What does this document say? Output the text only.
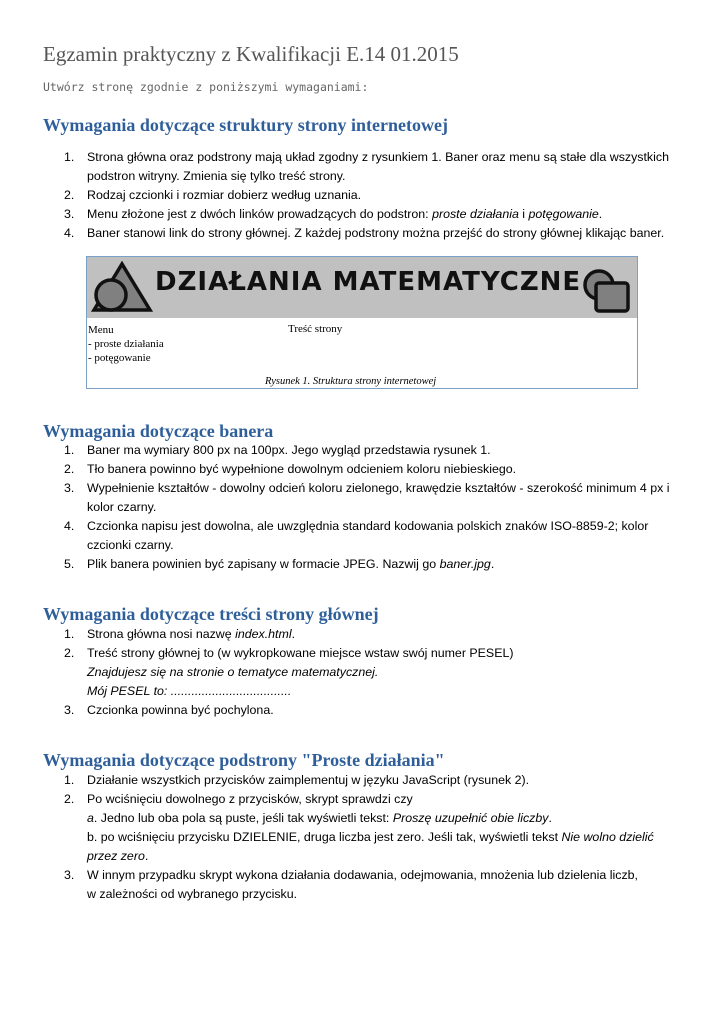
Egzamin praktyczny z Kwalifikacji E.14 01.2015

Utwórz stronę zgodnie z poniższymi wymaganiami:

Wymagania dotyczące struktury strony internetowej
1. Strona główna oraz podstrony mają układ zgodny z rysunkiem 1. Baner oraz menu są stałe dla wszystkich podstron witryny. Zmienia się tylko treść strony.
2. Rodzaj czcionki i rozmiar dobierz według uznania.
3. Menu złożone jest z dwóch linków prowadzących do podstron: proste działania i potęgowanie.
4. Baner stanowi link do strony głównej. Z każdej podstrony można przejść do strony głównej klikając baner.
DZIAŁANIA MATEMATYCZNE
Menu
- proste działania
- potęgowanie
Treść strony
Rysunek 1. Struktura strony internetowej
Wymagania dotyczące banera
1. Baner ma wymiary 800 px na 100px. Jego wygląd przedstawia rysunek 1.
2. Tło banera powinno być wypełnione dowolnym odcieniem koloru niebieskiego.
3. Wypełnienie kształtów - dowolny odcień koloru zielonego, krawędzie kształtów - szerokość minimum 4 px i kolor czarny.
4. Czcionka napisu jest dowolna, ale uwzględnia standard kodowania polskich znaków ISO-8859-2; kolor czcionki czarny.
5. Plik banera powinien być zapisany w formacie JPEG. Nazwij go baner.jpg.
Wymagania dotyczące treści strony głównej
1. Strona główna nosi nazwę index.html.
2. Treść strony głównej to (w wykropkowane miejsce wstaw swój numer PESEL)
Znajdujesz się na stronie o tematyce matematycznej.
Mój PESEL to: ...................................
3. Czcionka powinna być pochylona.
Wymagania dotyczące podstrony "Proste działania"
1. Działanie wszystkich przycisków zaimplementuj w języku JavaScript (rysunek 2).
2. Po wciśnięciu dowolnego z przycisków, skrypt sprawdzi czy
a. Jedno lub oba pola są puste, jeśli tak wyświetli tekst: Proszę uzupełnić obie liczby.
b. po wciśnięciu przycisku DZIELENIE, druga liczba jest zero. Jeśli tak, wyświetli tekst Nie wolno dzielić przez zero.
3. W innym przypadku skrypt wykona działania dodawania, odejmowania, mnożenia lub dzielenia liczb,
w zależności od wybranego przycisku.
